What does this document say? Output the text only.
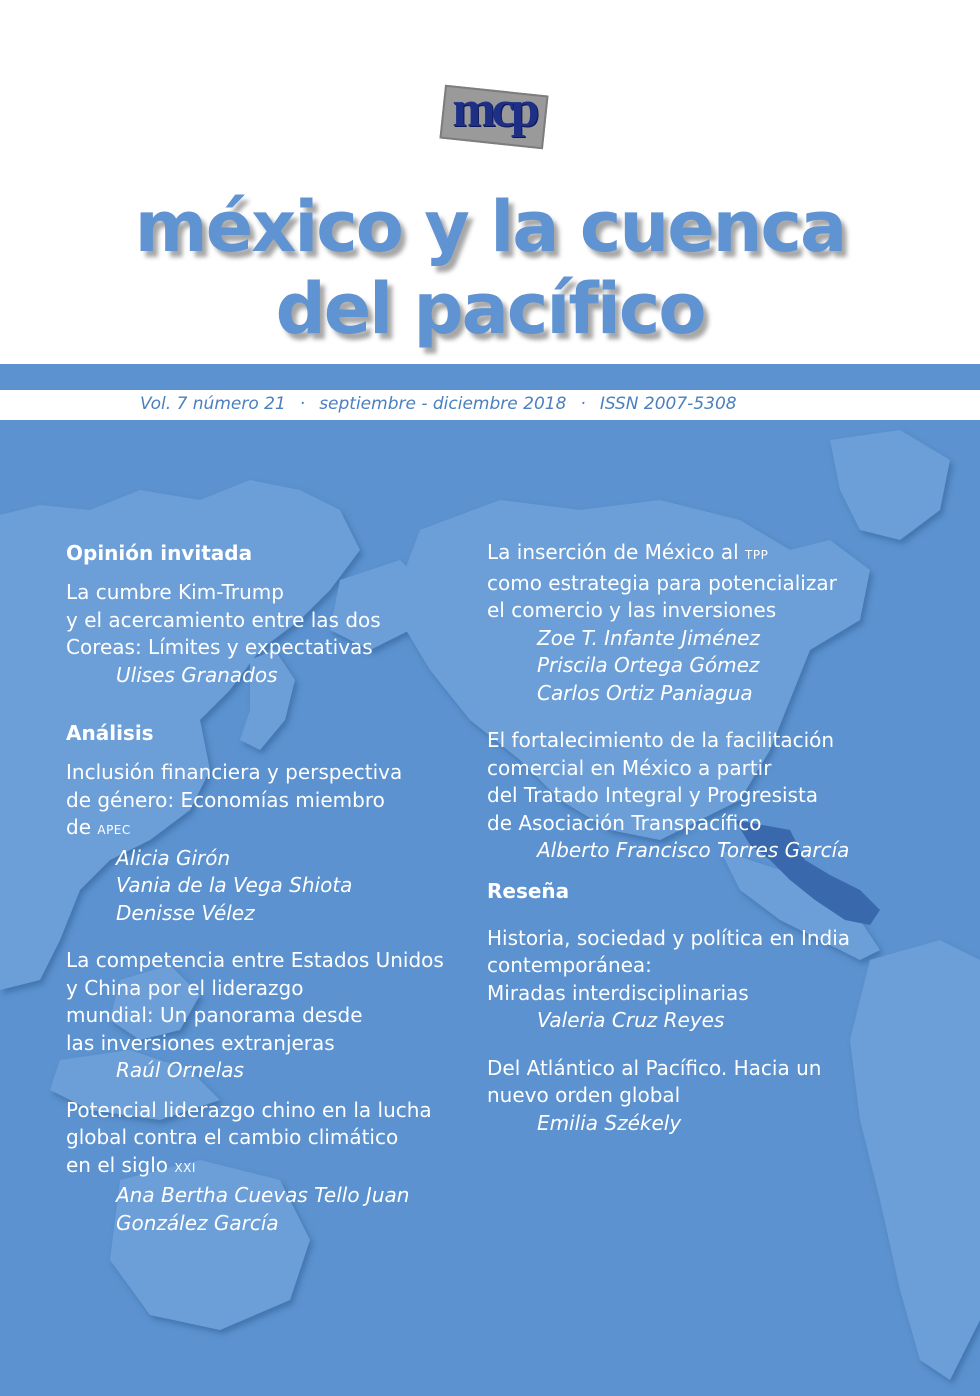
mcp
méxico y la cuenca
del pacífico
Vol. 7 número 21 · septiembre - diciembre 2018 · ISSN 2007-5308
Opinión invitada
La cumbre Kim-Trump
y el acercamiento entre las dos
Coreas: Límites y expectativas
Ulises Granados
Análisis
Inclusión financiera y perspectiva
de género: Economías miembro
de APEC
Alicia Girón
Vania de la Vega Shiota
Denisse Vélez
La competencia entre Estados Unidos
y China por el liderazgo
mundial: Un panorama desde
las inversiones extranjeras
Raúl Ornelas
Potencial liderazgo chino en la lucha
global contra el cambio climático
en el siglo XXI
Ana Bertha Cuevas Tello Juan
González García
La inserción de México al TPP
como estrategia para potencializar
el comercio y las inversiones
Zoe T. Infante Jiménez
Priscila Ortega Gómez
Carlos Ortiz Paniagua
El fortalecimiento de la facilitación
comercial en México a partir
del Tratado Integral y Progresista
de Asociación Transpacífico
Alberto Francisco Torres García
Reseña
Historia, sociedad y política en India
contemporánea:
Miradas interdisciplinarias
Valeria Cruz Reyes
Del Atlántico al Pacífico. Hacia un
nuevo orden global
Emilia Székely
